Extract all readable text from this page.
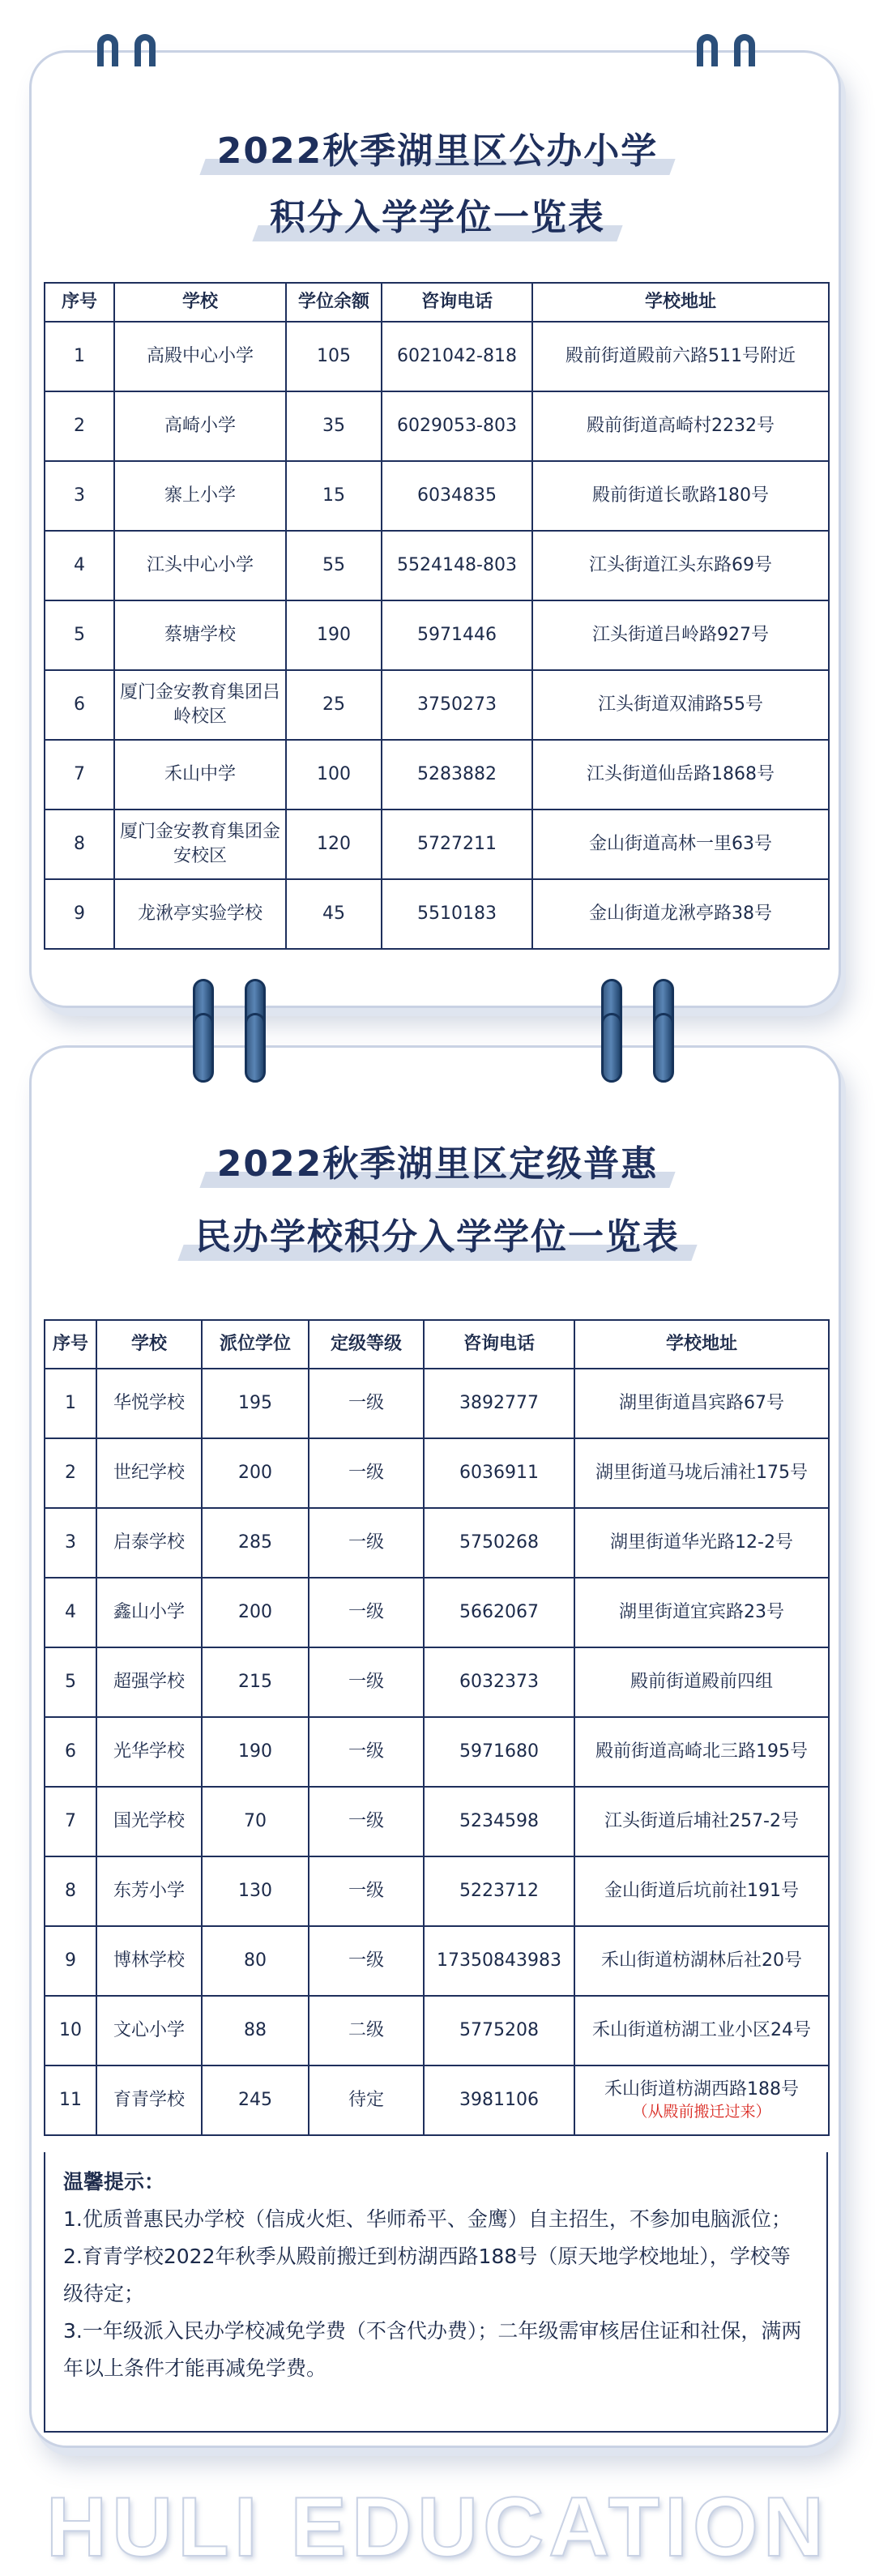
2022秋季湖里区公办小学
积分入学学位一览表
序号	学校	学位余额	咨询电话	学校地址
1	高殿中心小学	105	6021042-818	殿前街道殿前六路511号附近
2	高崎小学	35	6029053-803	殿前街道高崎村2232号
3	寨上小学	15	6034835	殿前街道长歌路180号
4	江头中心小学	55	5524148-803	江头街道江头东路69号
5	蔡塘学校	190	5971446	江头街道吕岭路927号
6	厦门金安教育集团吕岭校区	25	3750273	江头街道双浦路55号
7	禾山中学	100	5283882	江头街道仙岳路1868号
8	厦门金安教育集团金安校区	120	5727211	金山街道高林一里63号
9	龙湫亭实验学校	45	5510183	金山街道龙湫亭路38号
2022秋季湖里区定级普惠
民办学校积分入学学位一览表
序号	学校	派位学位	定级等级	咨询电话	学校地址
1	华悦学校	195	一级	3892777	湖里街道昌宾路67号
2	世纪学校	200	一级	6036911	湖里街道马垅后浦社175号
3	启泰学校	285	一级	5750268	湖里街道华光路12-2号
4	鑫山小学	200	一级	5662067	湖里街道宜宾路23号
5	超强学校	215	一级	6032373	殿前街道殿前四组
6	光华学校	190	一级	5971680	殿前街道高崎北三路195号
7	国光学校	70	一级	5234598	江头街道后埔社257-2号
8	东芳小学	130	一级	5223712	金山街道后坑前社191号
9	博林学校	80	一级	17350843983	禾山街道枋湖林后社20号
10	文心小学	88	二级	5775208	禾山街道枋湖工业小区24号
11	育青学校	245	待定	3981106	禾山街道枋湖西路188号
（从殿前搬迁过来）
温馨提示：
1.优质普惠民办学校（信成火炬、华师希平、金鹰）自主招生，不参加电脑派位；
2.育青学校2022年秋季从殿前搬迁到枋湖西路188号（原天地学校地址），学校等级待定；
3.一年级派入民办学校减免学费（不含代办费）；二年级需审核居住证和社保，满两年以上条件才能再减免学费。
HULI EDUCATION
